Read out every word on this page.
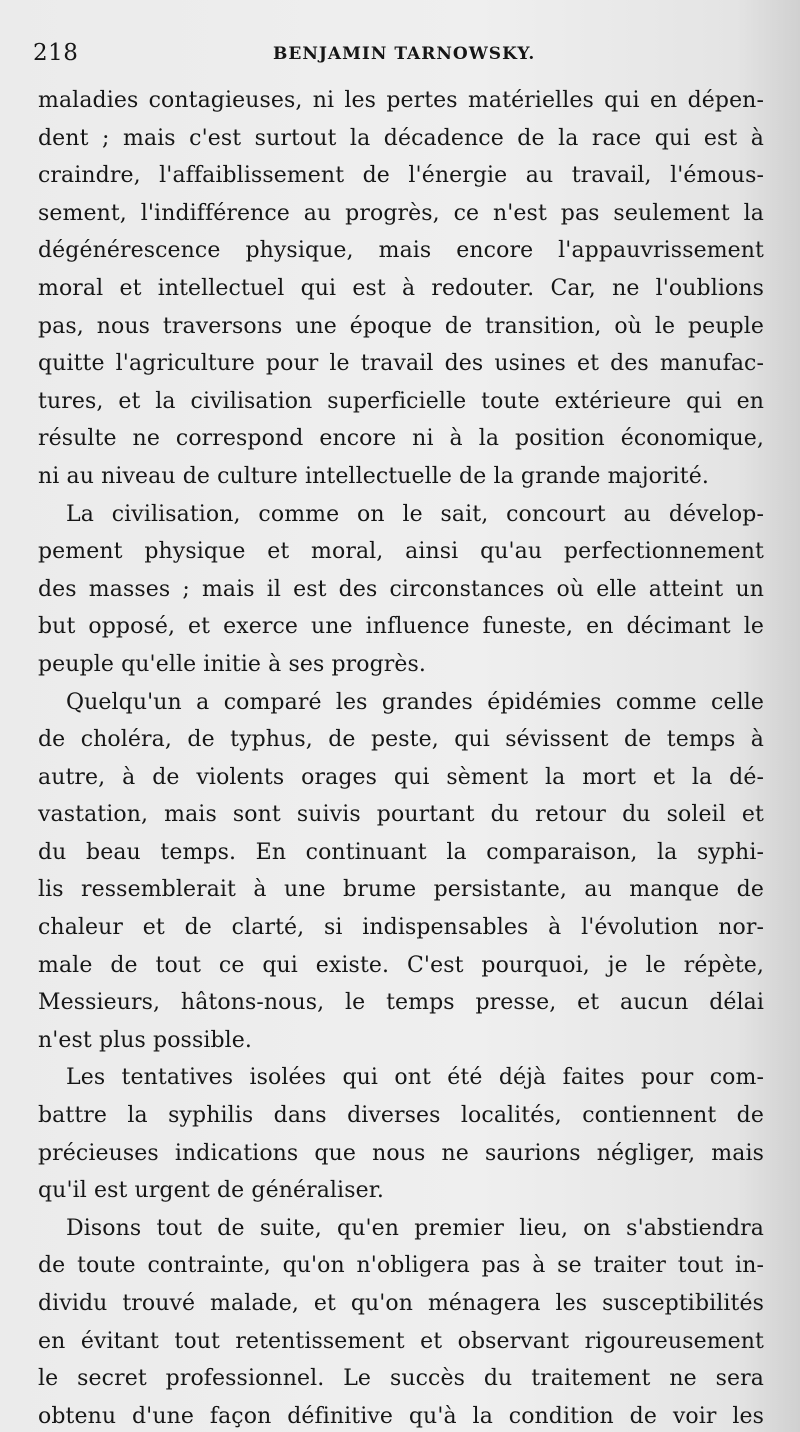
218	BENJAMIN TARNOWSKY.
maladies contagieuses, ni les pertes matérielles qui en dépen-
dent ; mais c'est surtout la décadence de la race qui est à
craindre, l'affaiblissement de l'énergie au travail, l'émous-
sement, l'indifférence au progrès, ce n'est pas seulement la
dégénérescence physique, mais encore l'appauvrissement
moral et intellectuel qui est à redouter. Car, ne l'oublions
pas, nous traversons une époque de transition, où le peuple
quitte l'agriculture pour le travail des usines et des manufac-
tures, et la civilisation superficielle toute extérieure qui en
résulte ne correspond encore ni à la position économique,
ni au niveau de culture intellectuelle de la grande majorité.
La civilisation, comme on le sait, concourt au dévelop-
pement physique et moral, ainsi qu'au perfectionnement
des masses ; mais il est des circonstances où elle atteint un
but opposé, et exerce une influence funeste, en décimant le
peuple qu'elle initie à ses progrès.
Quelqu'un a comparé les grandes épidémies comme celle
de choléra, de typhus, de peste, qui sévissent de temps à
autre, à de violents orages qui sèment la mort et la dé-
vastation, mais sont suivis pourtant du retour du soleil et
du beau temps. En continuant la comparaison, la syphi-
lis ressemblerait à une brume persistante, au manque de
chaleur et de clarté, si indispensables à l'évolution nor-
male de tout ce qui existe. C'est pourquoi, je le répète,
Messieurs, hâtons-nous, le temps presse, et aucun délai
n'est plus possible.
Les tentatives isolées qui ont été déjà faites pour com-
battre la syphilis dans diverses localités, contiennent de
précieuses indications que nous ne saurions négliger, mais
qu'il est urgent de généraliser.
Disons tout de suite, qu'en premier lieu, on s'abstiendra
de toute contrainte, qu'on n'obligera pas à se traiter tout in-
dividu trouvé malade, et qu'on ménagera les susceptibilités
en évitant tout retentissement et observant rigoureusement
le secret professionnel. Le succès du traitement ne sera
obtenu d'une façon définitive qu'à la condition de voir les
